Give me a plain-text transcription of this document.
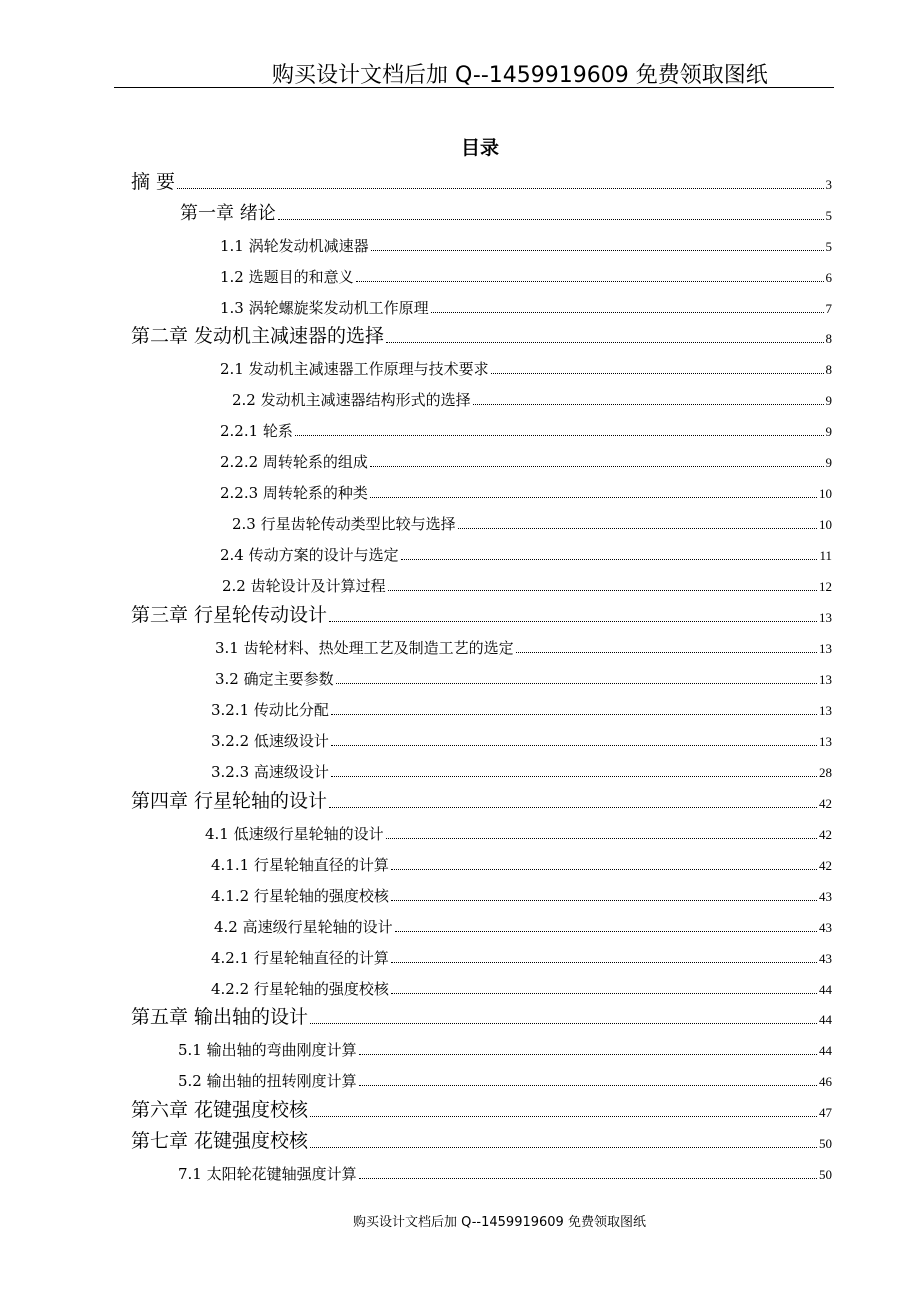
购买设计文档后加 Q--1459919609 免费领取图纸
目录
摘 要	3
第一章 绪论	5
1.1 涡轮发动机减速器	5
1.2 选题目的和意义	6
1.3 涡轮螺旋桨发动机工作原理	7
第二章 发动机主减速器的选择	8
2.1 发动机主减速器工作原理与技术要求	8
2.2 发动机主减速器结构形式的选择	9
2.2.1 轮系	9
2.2.2 周转轮系的组成	9
2.2.3 周转轮系的种类	10
2.3 行星齿轮传动类型比较与选择	10
2.4 传动方案的设计与选定	11
2.2 齿轮设计及计算过程	12
第三章 行星轮传动设计	13
3.1 齿轮材料、热处理工艺及制造工艺的选定	13
3.2 确定主要参数	13
3.2.1 传动比分配	13
3.2.2 低速级设计	13
3.2.3 高速级设计	28
第四章 行星轮轴的设计	42
4.1 低速级行星轮轴的设计	42
4.1.1 行星轮轴直径的计算	42
4.1.2 行星轮轴的强度校核	43
4.2 高速级行星轮轴的设计	43
4.2.1 行星轮轴直径的计算	43
4.2.2 行星轮轴的强度校核	44
第五章 输出轴的设计	44
5.1 输出轴的弯曲刚度计算	44
5.2 输出轴的扭转刚度计算	46
第六章 花键强度校核	47
第七章 花键强度校核	50
7.1 太阳轮花键轴强度计算	50
购买设计文档后加 Q--1459919609 免费领取图纸
